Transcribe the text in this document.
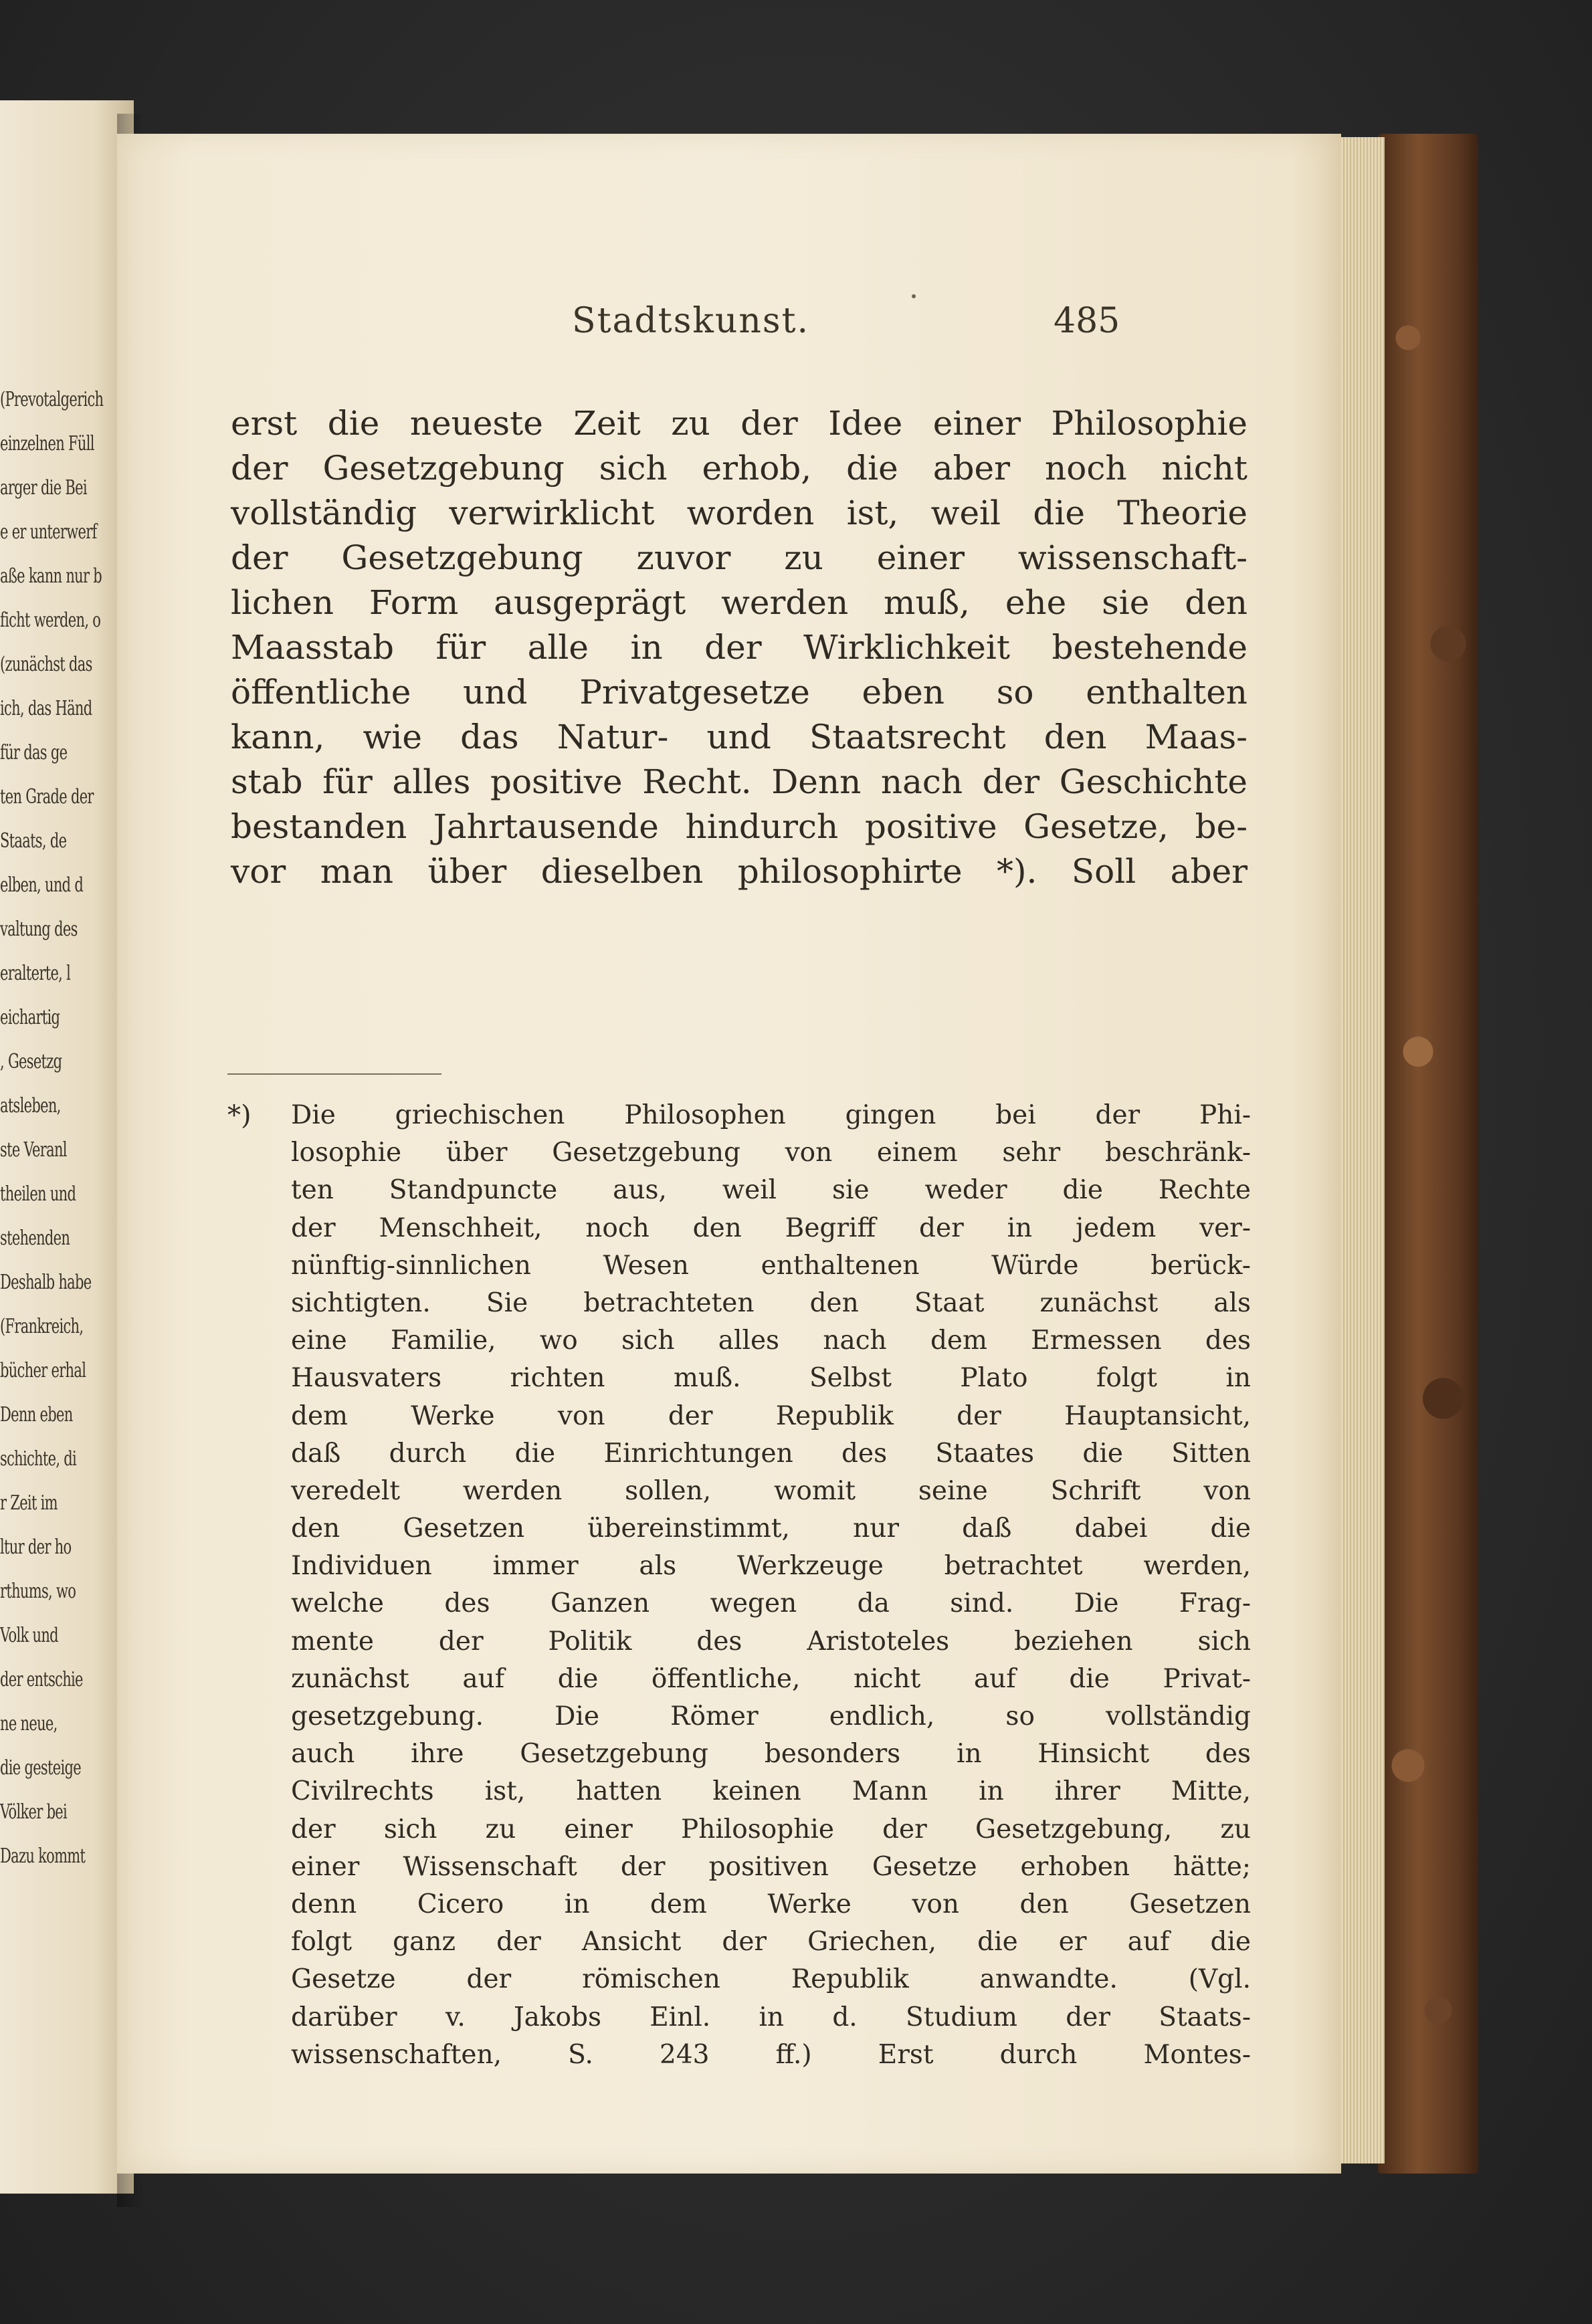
(Prevotalgerich
einzelnen Füll
arger die Bei
e er unterwerf
aße kann nur b
ficht werden, o
(zunächst das
ich, das Händ
für das ge
ten Grade der
Staats, de
elben, und d
valtung des
eralterte, l
eichartig
, Gesetzg
atsleben,
ste Veranl
theilen und
stehenden
Deshalb habe
(Frankreich,
bücher erhal
Denn eben
schichte, di
r Zeit im
ltur der ho
rthums, wo
Volk und
der entschie
ne neue,
die gesteige
Völker bei
Dazu kommt
Stadtskunst.	485
erst die neueste Zeit zu der Idee einer Philosophie
der Gesetzgebung sich erhob, die aber noch nicht
vollständig verwirklicht worden ist, weil die Theorie
der Gesetzgebung zuvor zu einer wissenschaft-
lichen Form ausgeprägt werden muß, ehe sie den
Maasstab für alle in der Wirklichkeit bestehende
öffentliche und Privatgesetze eben so enthalten
kann, wie das Natur- und Staatsrecht den Maas-
stab für alles positive Recht. Denn nach der Geschichte
bestanden Jahrtausende hindurch positive Gesetze, be-
vor man über dieselben philosophirte *). Soll aber
*) Die griechischen Philosophen gingen bei der Phi-
losophie über Gesetzgebung von einem sehr beschränk-
ten Standpuncte aus, weil sie weder die Rechte
der Menschheit, noch den Begriff der in jedem ver-
nünftig-sinnlichen Wesen enthaltenen Würde berück-
sichtigten. Sie betrachteten den Staat zunächst als
eine Familie, wo sich alles nach dem Ermessen des
Hausvaters richten muß. Selbst Plato folgt in
dem Werke von der Republik der Hauptansicht,
daß durch die Einrichtungen des Staates die Sitten
veredelt werden sollen, womit seine Schrift von
den Gesetzen übereinstimmt, nur daß dabei die
Individuen immer als Werkzeuge betrachtet werden,
welche des Ganzen wegen da sind. Die Frag-
mente der Politik des Aristoteles beziehen sich
zunächst auf die öffentliche, nicht auf die Privat-
gesetzgebung. Die Römer endlich, so vollständig
auch ihre Gesetzgebung besonders in Hinsicht des
Civilrechts ist, hatten keinen Mann in ihrer Mitte,
der sich zu einer Philosophie der Gesetzgebung, zu
einer Wissenschaft der positiven Gesetze erhoben hätte;
denn Cicero in dem Werke von den Gesetzen
folgt ganz der Ansicht der Griechen, die er auf die
Gesetze der römischen Republik anwandte. (Vgl.
darüber v. Jakobs Einl. in d. Studium der Staats-
wissenschaften, S. 243 ff.) Erst durch Montes-
